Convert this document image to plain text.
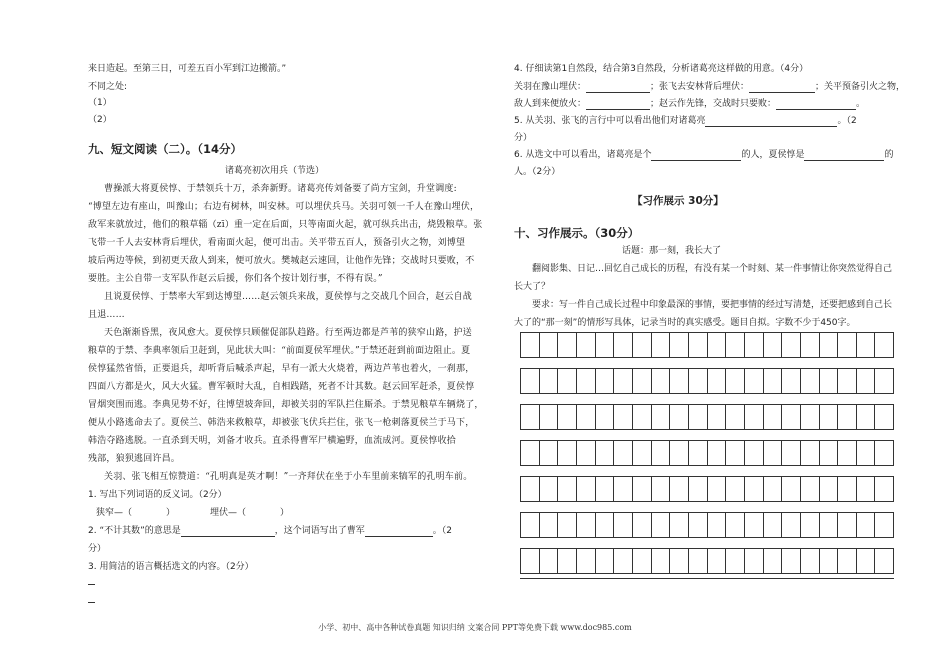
来日造起。至第三日，可差五百小军到江边搬箭。”
不同之处:
（1）
（2）
九、短文阅读（二）。（14分）
诸葛亮初次用兵（节选）
曹操派大将夏侯惇、于禁领兵十万，杀奔新野。诸葛亮传刘备要了尚方宝剑，升堂调度:
“博望左边有座山，叫豫山；右边有树林，叫安林。可以埋伏兵马。关羽可领一千人在豫山埋伏，
敌军来就放过，他们的粮草辎（zī）重一定在后面，只等南面火起，就可纵兵出击，烧毁粮草。张
飞带一千人去安林背后埋伏，看南面火起，便可出击。关平带五百人，预备引火之物，刘博望
坡后两边等候，到初更天敌人到来，便可放火。樊城赵云速回，让他作先锋；交战时只要败，不
要胜。主公自带一支军队作赵云后援，你们各个按计划行事，不得有误。”
且说夏侯惇、于禁率大军到达博望……赵云领兵来战，夏侯惇与之交战几个回合，赵云自战
且退……
天色渐渐昏黑，夜风愈大。夏侯惇只顾催促部队趋路。行至两边都是芦苇的狭窄山路，护送
粮草的于禁、李典率领后卫赶到，见此状大叫：“前面夏侯军埋伏。”于禁还赶到前面边阻止。夏
侯惇猛然省悟，正要退兵，却听背后喊杀声起，早有一派大火烧着，两边芦苇也着火，一刹那，
四面八方都是火，风大火猛。曹军顿时大乱，自相践踏，死者不计其数。赵云回军赶杀，夏侯惇
冒烟突围而逃。李典见势不好，往博望坡奔回，却被关羽的军队拦住厮杀。于禁见粮草车辆烧了，
便从小路逃命去了。夏侯兰、韩浩来救粮草，却被张飞伏兵拦住，张飞一枪刺落夏侯兰于马下，
韩浩夺路逃脱。一直杀到天明，刘备才收兵。直杀得曹军尸横遍野，血流成河。夏侯惇收拾
残部，狼狈逃回许昌。
关羽、张飞相互惊赞道：“孔明真是英才啊！”一齐拜伏在坐于小车里前来犒军的孔明车前。
1. 写出下列词语的反义词。（2分）
狭窄—（	）	埋伏—（	）
2. “不计其数”的意思是	，这个词语写出了曹军	。（2
分）
3. 用简洁的语言概括选文的内容。（2分）
4. 仔细读第1自然段，结合第3自然段，分析诸葛亮这样做的用意。（4分）
关羽在豫山埋伏：	；张飞去安林背后埋伏：	；关平预备引火之物，
敌人到来便放火：	；赵云作先锋，交战时只要败：	。
5. 从关羽、张飞的言行中可以看出他们对诸葛亮	。（2
分）
6. 从选文中可以看出，诸葛亮是个	的人，夏侯惇是	的
人。（2分）
【习作展示 30分】
十、习作展示。（30分）
话题：那一刻，我长大了
翻阅影集、日记…回忆自己成长的历程，有没有某一个时刻、某一件事情让你突然觉得自己
长大了？
要求：写一件自己成长过程中印象最深的事情，要把事情的经过写清楚，还要把感到自己长
大了的“那一刻”的情形写具体，记录当时的真实感受。题目自拟。字数不少于450字。
小学、初中、高中各种试卷真题 知识归纳 文案合同 PPT等免费下载 www.doc985.com
